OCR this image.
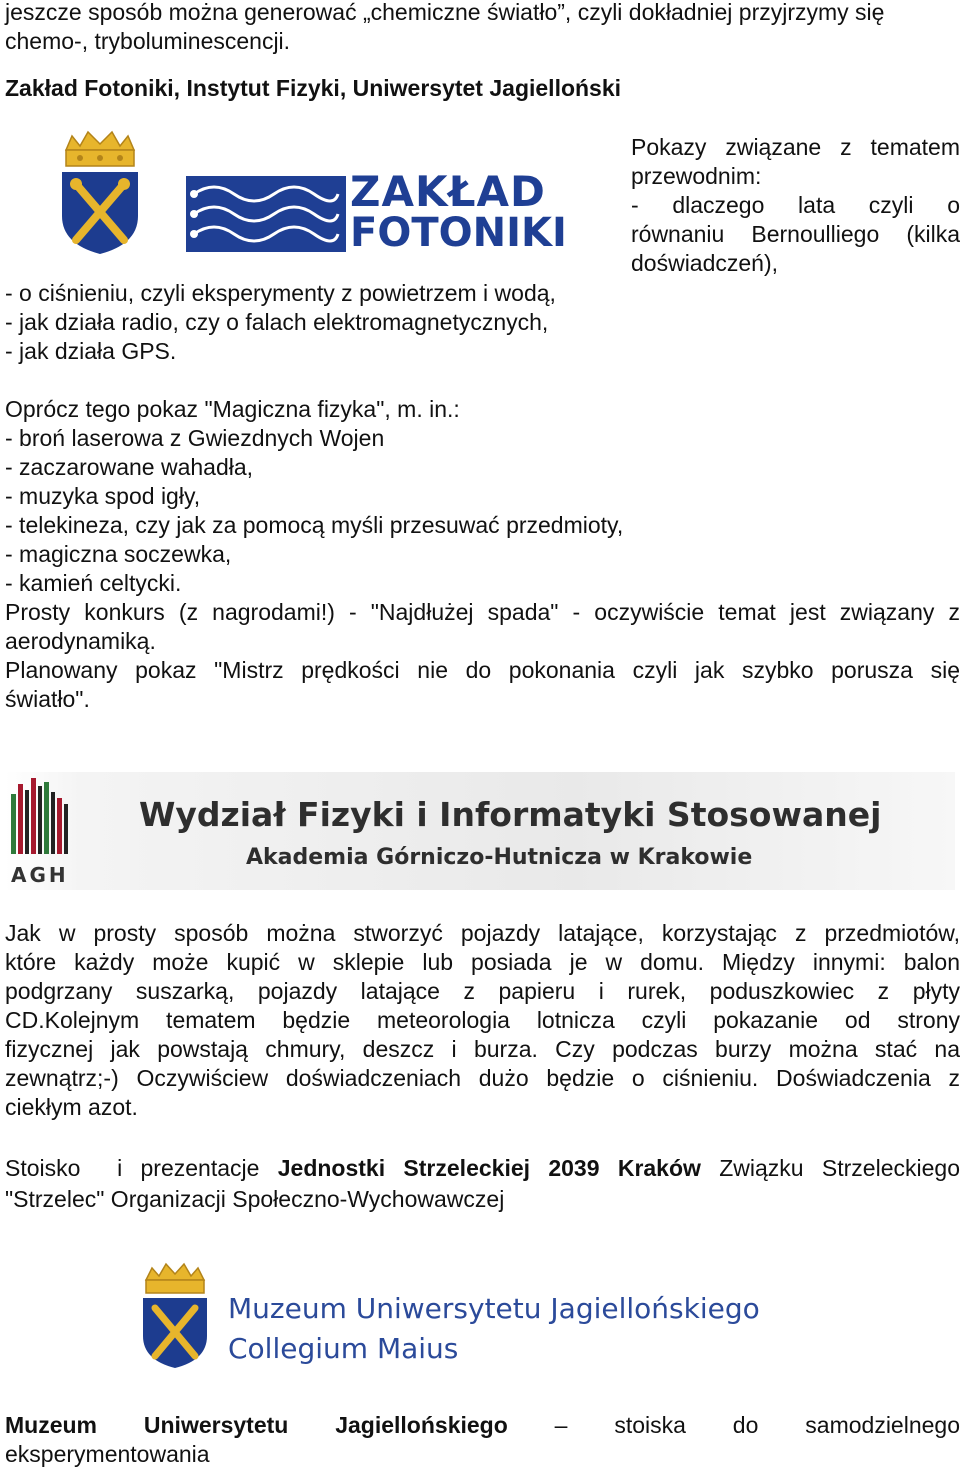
jeszcze sposób można generować „chemiczne światło”, czyli dokładniej przyjrzymy się
chemo-, tryboluminescencji.
Zakład Fotoniki, Instytut Fizyki, Uniwersytet Jagielloński
ZAKŁAD
FOTONIKI
Pokazy związane z tematem
przewodnim:
- dlaczego lata czyli o
równaniu Bernoulliego (kilka
doświadczeń),
- o ciśnieniu, czyli eksperymenty z powietrzem i wodą,
- jak działa radio, czy o falach elektromagnetycznych,
- jak działa GPS.
Oprócz tego pokaz "Magiczna fizyka", m. in.:
- broń laserowa z Gwiezdnych Wojen
- zaczarowane wahadła,
- muzyka spod igły,
- telekineza, czy jak za pomocą myśli przesuwać przedmioty,
- magiczna soczewka,
- kamień celtycki.
Prosty konkurs (z nagrodami!) - "Najdłużej spada" - oczywiście temat jest związany z
aerodynamiką.
Planowany pokaz "Mistrz prędkości nie do pokonania czyli jak szybko porusza się
światło".
AGH
Wydział Fizyki i Informatyki Stosowanej
Akademia Górniczo-Hutnicza w Krakowie
Jak w prosty sposób można stworzyć pojazdy latające, korzystając z przedmiotów,
które każdy może kupić w sklepie lub posiada je w domu. Między innymi: balon
podgrzany suszarką, pojazdy latające z papieru i rurek, poduszkowiec z płyty
CD.Kolejnym tematem będzie meteorologia lotnicza czyli pokazanie od strony
fizycznej jak powstają chmury, deszcz i burza. Czy podczas burzy można stać na
zewnątrz;-) Oczywiściew doświadczeniach dużo będzie o ciśnieniu. Doświadczenia z
ciekłym azot.
Stoisko  i prezentacje Jednostki Strzeleckiej 2039 Kraków Związku Strzeleckiego
"Strzelec" Organizacji Społeczno-Wychowawczej
Muzeum Uniwersytetu Jagiellońskiego
Collegium Maius
Muzeum Uniwersytetu Jagiellońskiego – stoiska do samodzielnego
eksperymentowania
